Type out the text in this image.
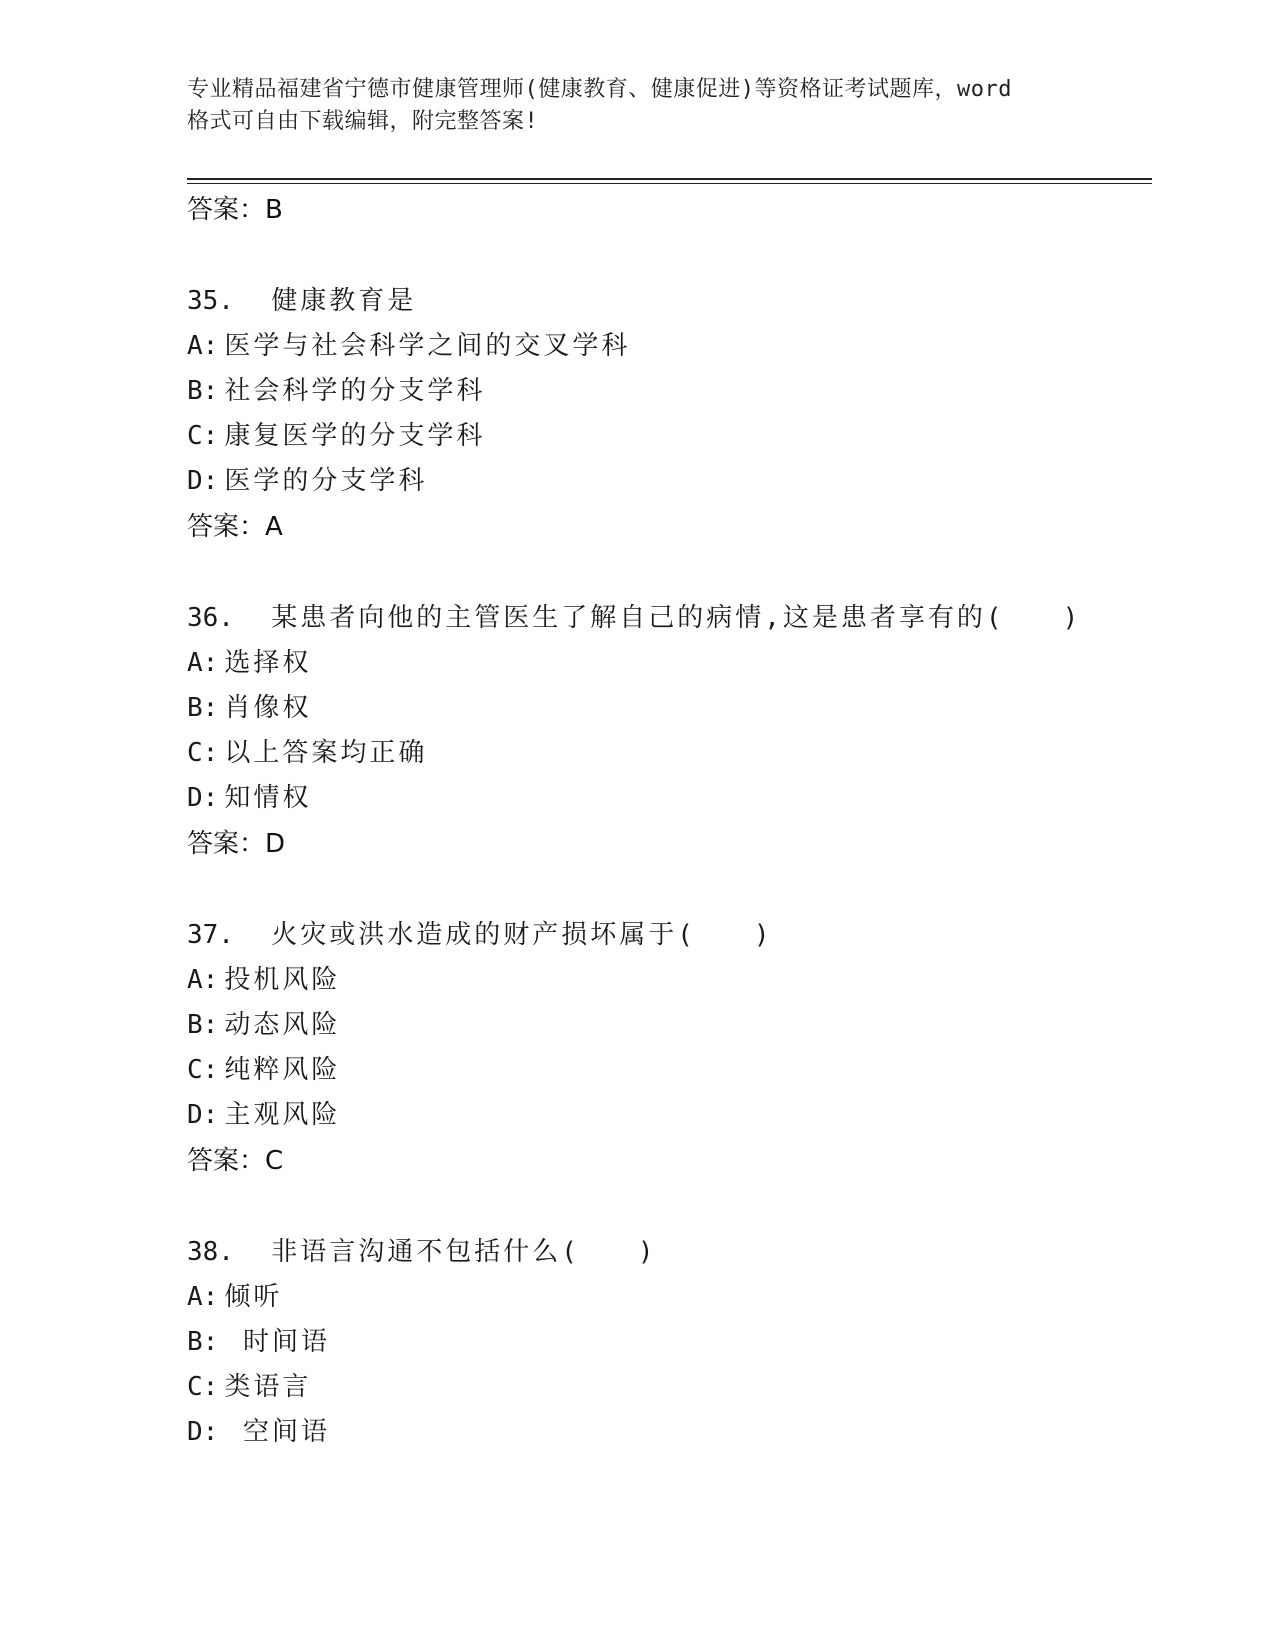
专业精品福建省宁德市健康管理师(健康教育、健康促进)等资格证考试题库，word
格式可自由下载编辑，附完整答案!
答案：B
35. 健康教育是
A: 医学与社会科学之间的交叉学科
B: 社会科学的分支学科
C: 康复医学的分支学科
D: 医学的分支学科
答案：A
36. 某患者向他的主管医生了解自己的病情,这是患者享有的(　　)
A: 选择权
B: 肖像权
C: 以上答案均正确
D: 知情权
答案：D
37. 火灾或洪水造成的财产损坏属于(　　)
A: 投机风险
B: 动态风险
C: 纯粹风险
D: 主观风险
答案：C
38. 非语言沟通不包括什么(　　)
A: 倾听
B: 时间语
C: 类语言
D: 空间语
